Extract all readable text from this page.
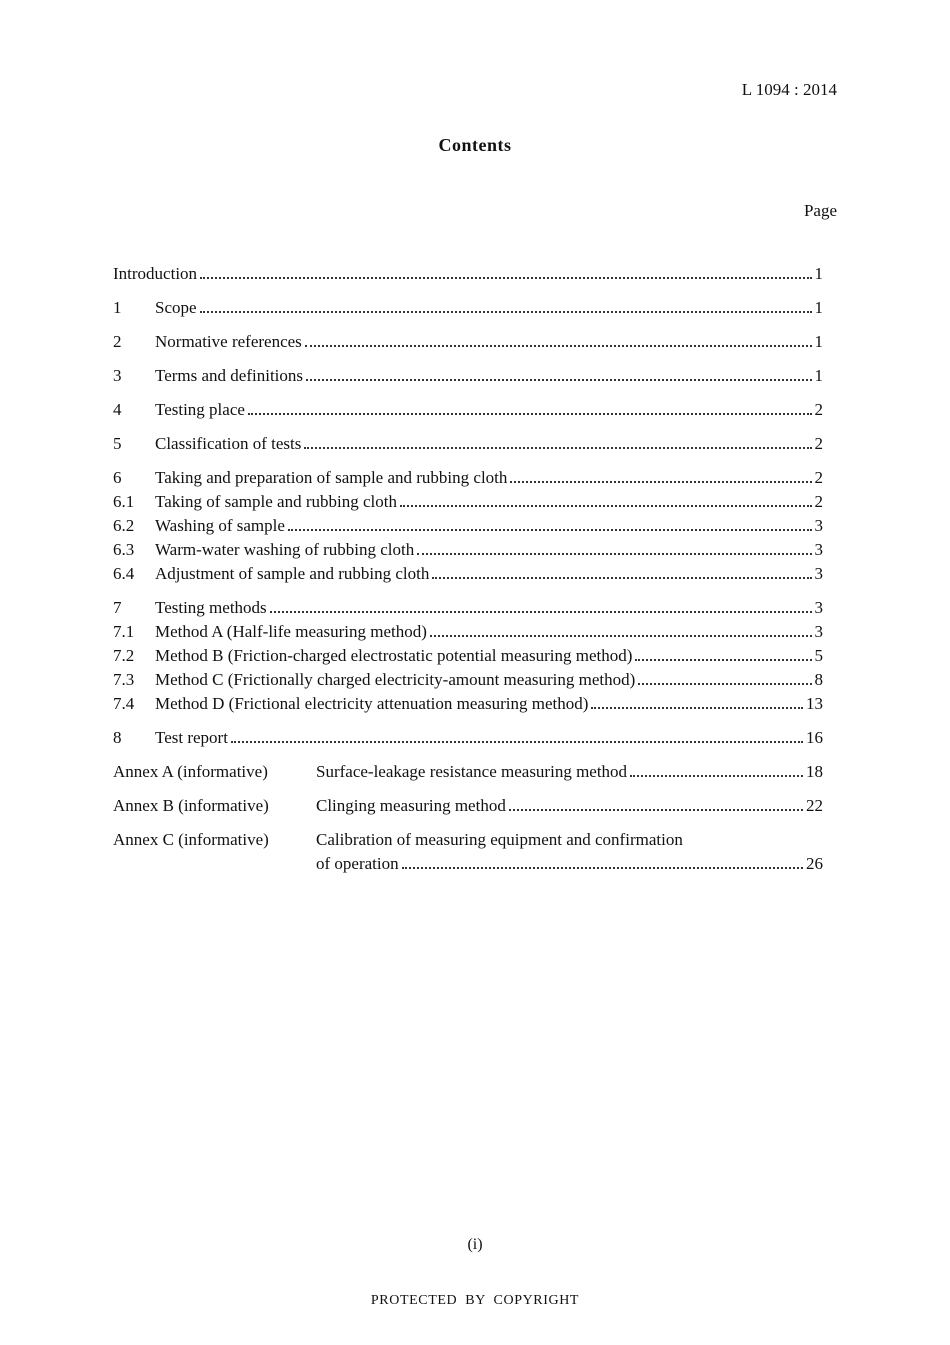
L 1094 : 2014
Contents
Page
Introduction	1
1	Scope	1
2	Normative references	1
3	Terms and definitions	1
4	Testing place	2
5	Classification of tests	2
6	Taking and preparation of sample and rubbing cloth	2
6.1	Taking of sample and rubbing cloth	2
6.2	Washing of sample	3
6.3	Warm-water washing of rubbing cloth	3
6.4	Adjustment of sample and rubbing cloth	3
7	Testing methods	3
7.1	Method A (Half-life measuring method)	3
7.2	Method B (Friction-charged electrostatic potential measuring method)	5
7.3	Method C (Frictionally charged electricity-amount measuring method)	8
7.4	Method D (Frictional electricity attenuation measuring method)	13
8	Test report	16
Annex A (informative)	Surface-leakage resistance measuring method	18
Annex B (informative)	Clinging measuring method	22
Annex C (informative)	Calibration of measuring equipment and confirmation
of operation	26
(i)
PROTECTED BY COPYRIGHT
